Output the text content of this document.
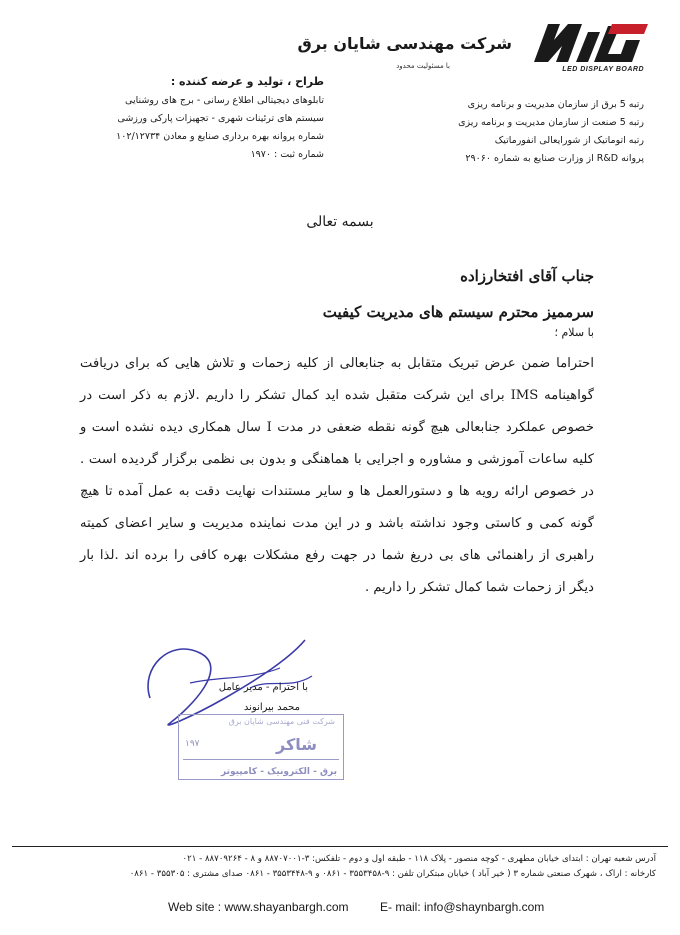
LED DISPLAY BOARD
شرکت مهندسی شایان برق
با مسئولیت محدود
رتبه 5 برق از سازمان مدیریت و برنامه ریزی
رتبه 5 صنعت از سازمان مدیریت و برنامه ریزی
رتبه اتوماتیک از شورایعالی انفورماتیک
پروانه R&D از وزارت صنایع به شماره ۲۹۰۶۰
طراح ، تولید و عرضه کننده :
تابلوهای دیجیتالی اطلاع رسانی - برج های روشنایی
سیستم های ترئینات شهری - تجهیزات پارکی ورزشی
شماره پروانه بهره برداری صنایع و معادن ۱۰۲/۱۲۷۳۴
شماره ثبت : ۱۹۷۰
بسمه تعالی
جناب آقای افتخارزاده
سرممیز محترم سیستم های مدیریت کیفیت
با سلام ؛

احتراما ضمن عرض تبریک متقابل به جنابعالی از کلیه زحمات و تلاش هایی که برای دریافت گواهینامه IMS برای این شرکت متقبل شده اید کمال تشکر را داریم .لازم به ذکر است در خصوص عملکرد جنابعالی هیچ گونه نقطه ضعفی در مدت I سال همکاری دیده نشده است و کلیه ساعات آموزشی و مشاوره و اجرایی با هماهنگی و بدون بی نظمی برگزار گردیده است . در خصوص ارائه رویه ها و دستورالعمل ها و سایر مستندات نهایت دقت به عمل آمده تا هیچ گونه کمی و کاستی وجود نداشته باشد و در این مدت نماینده مدیریت و سایر اعضای کمیته راهبری از راهنمائی های بی دریغ شما در جهت رفع مشکلات بهره کافی را برده اند .لذا بار دیگر از زحمات شما کمال تشکر را داریم .

با احترام - مدیر عامل
محمد بیرانوند
شرکت فنی مهندسی شایان برق
۱۹۷	شاکر
برق - الکترونیک - کامپیوتر
آدرس شعبه تهران : ابتدای خیابان مطهری - کوچه منصور - پلاک ۱۱۸ - طبقه اول و دوم - تلفکس: ۳-۸۸۷۰۷۰۰۱ و ۸ - ۸۸۷۰۹۲۶۴ - ۰۲۱
کارخانه : اراک ، شهرک صنعتی شماره ۳ ( خیر آباد ) خیابان مبتکران تلفن : ۹-۳۵۵۳۴۵۸ - ۰۸۶۱ و ۹-۳۵۵۳۴۴۸ - ۰۸۶۱ صدای مشتری : ۳۵۵۳۰۵ - ۰۸۶۱
Web site : www.shayanbargh.com	E- mail: info@shaynbargh.com
